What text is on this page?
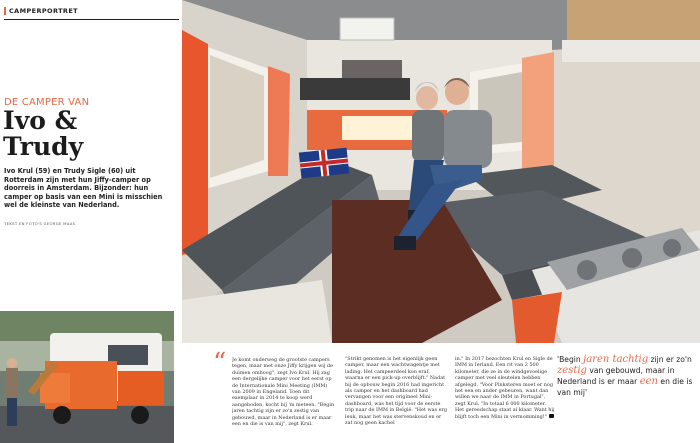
CAMPERPORTRET
DE CAMPER VAN
Ivo &
Trudy
Ivo Krul (59) en Trudy Sigle (60) uit Rotterdam zijn met hun Jiffy-camper op doorreis in Amsterdam. Bijzonder: hun camper op basis van een Mini is misschien wel de kleinste van Nederland.
TEKST EN FOTO'S GEORGE MAAS
“ Je komt onderweg de grootste campers tegen, maar met onze Jiffy krijgen wij de duimen omhoog", zegt Ivo Krul. Hij zag een dergelijke camper voor het eerst op de Internationale Mini Meeting (IMM) van 2009 in Engeland. Toen dit exemplaar in 2014 te koop werd aangeboden, kocht hij 'm meteen. "Begin jaren tachtig zijn er zo'n zestig van gebouwd, maar in Nederland is er maar een en die is van mij", zegt Krul.
"Strikt genomen is het eigenlijk geen camper, maar een wachtwagentje met lading. Het campeerdeel kon eraf, waarna er een pick-up overblijft." Nadat hij de opbouw begin 2016 had ingericht als camper en het dashboard had vervangen voor een origineel Mini-dashboard, was het tijd voor de eerste trip naar de IMM in België. "Het was erg leuk, maar het was stervenskoud en er zat nog geen kachel
in." In 2017 bezochten Krul en Sigle de IMM in Ierland. Een rit van 2 500 kilometer, die ze in de windgevoelige camper met veel sleutelen hebben afgelegd. "Voor Pinksteren moet er nog het een en ander gebeuren, want dan willen we naar de IMM in Portugal", zegt Krul. "In totaal 6 000 kilometer. Het gereedschap staat al klaar. Want hij blijft toch een Mini in vermomming!"
'Begin jaren tachtig zijn er zo'n zestig van gebouwd, maar in Nederland is er maar een en die is van mij'
